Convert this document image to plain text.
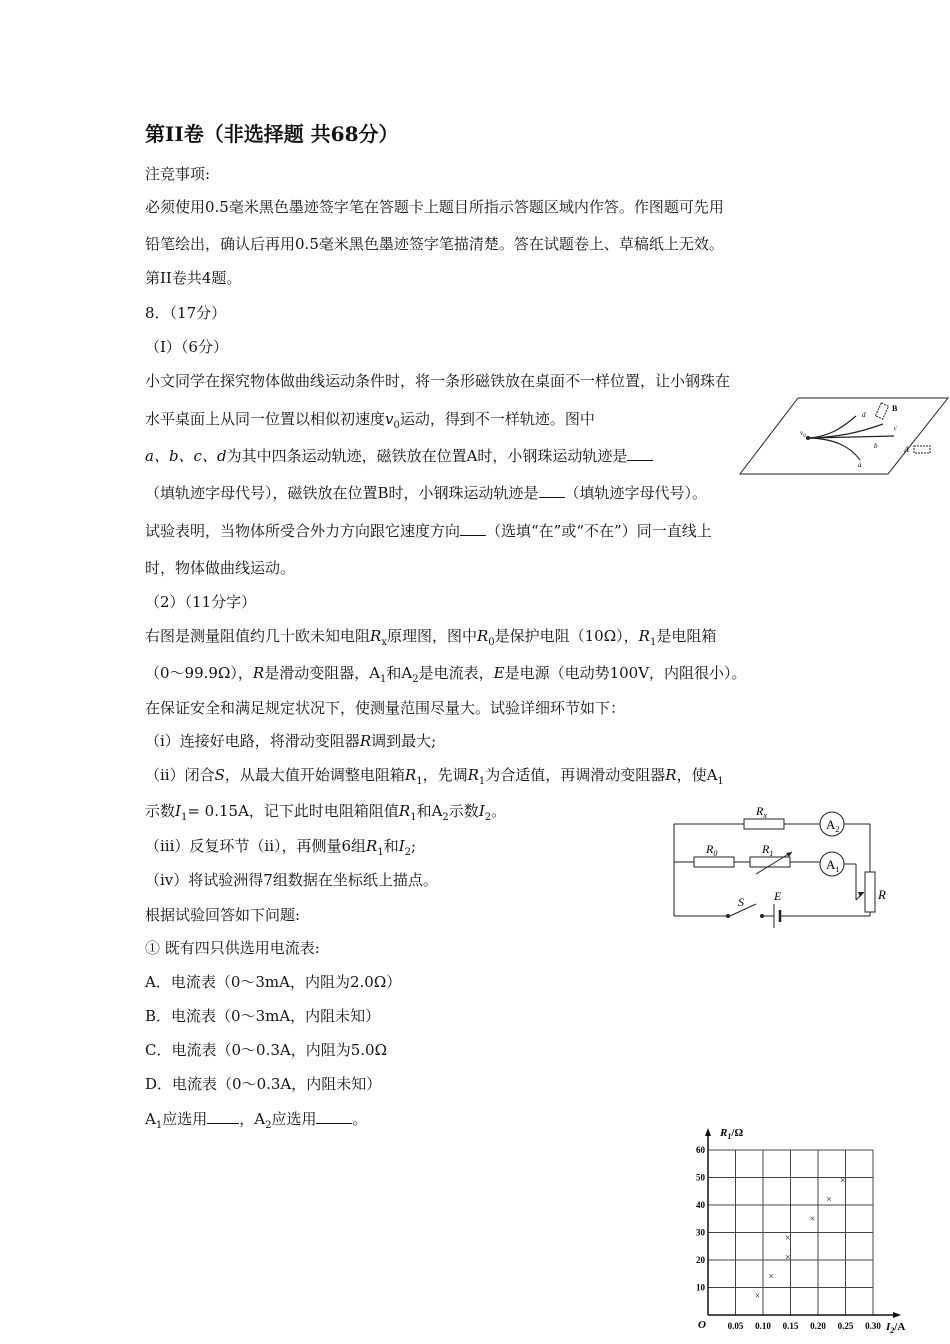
第II卷（非选择题 共68分）
注竞事项:
必须使用0.5毫米黑色墨迹签字笔在答题卡上题目所指示答题区域内作答。作图题可先用
铅笔绘出，确认后再用0.5毫米黑色墨迹签字笔描清楚。答在试题卷上、草稿纸上无效。
第II卷共4题。
8．（17分）
（I）（6分）
小文同学在探究物体做曲线运动条件时，将一条形磁铁放在桌面不一样位置，让小钢珠在
水平桌面上从同一位置以相似初速度$v_0$运动，得到不一样轨迹。图中
a、b、c、d为其中四条运动轨迹，磁铁放在位置A时，小钢珠运动轨迹是
（填轨迹字母代号），磁铁放在位置B时，小钢珠运动轨迹是 （填轨迹字母代号）。
试验表明，当物体所受合外力方向跟它速度方向 （选填“在”或“不在”）同一直线上
时，物体做曲线运动。
（2）（11分字）
右图是测量阻值约几十欧未知电阻$R_x$原理图，图中$R_0$是保护电阻（10Ω），$R_1$是电阻箱
（0～99.9Ω），R是滑动变阻器，$A_1$和$A_2$是电流表，E是电源（电动势100V，内阻很小）。
在保证安全和满足规定状况下，使测量范围尽量大。试验详细环节如下：
（i）连接好电路，将滑动变阻器R调到最大;
（ii）闭合S，从最大值开始调整电阻箱$R_1$，先调$R_1$为合适值，再调滑动变阻器R，使$A_1$
示数$I_1= 0.15A$，记下此时电阻箱阻值$R_1$和$A_2$示数$I_2$。
（iii）反复环节（ii），再侧量6组$R_1$和$I_2$;
（iv）将试验洲得7组数据在坐标纸上描点。
根据试验回答如下问题:
① 既有四只供选用电流表:
A．电流表（0～3mA，内阻为2.0Ω）
B．电流表（0～3mA，内阻未知）
C．电流表（0～0.3A，内阻为5.0Ω
D．电流表（0～0.3A，内阻未知）
$A_1$应选用 ，$A_2$应选用 。
$v_0$
d
c
b
a
B
A
$R_x$
$R_0$	$R_1$
$A_2$
$A_1$
S	E	R
0.05 0.10 0.15 0.20 0.25 0.30
10
20
30
40
50
60
×
×
×
×
×
×
×
$R_1/\Omega$
$I_2/A$
O
